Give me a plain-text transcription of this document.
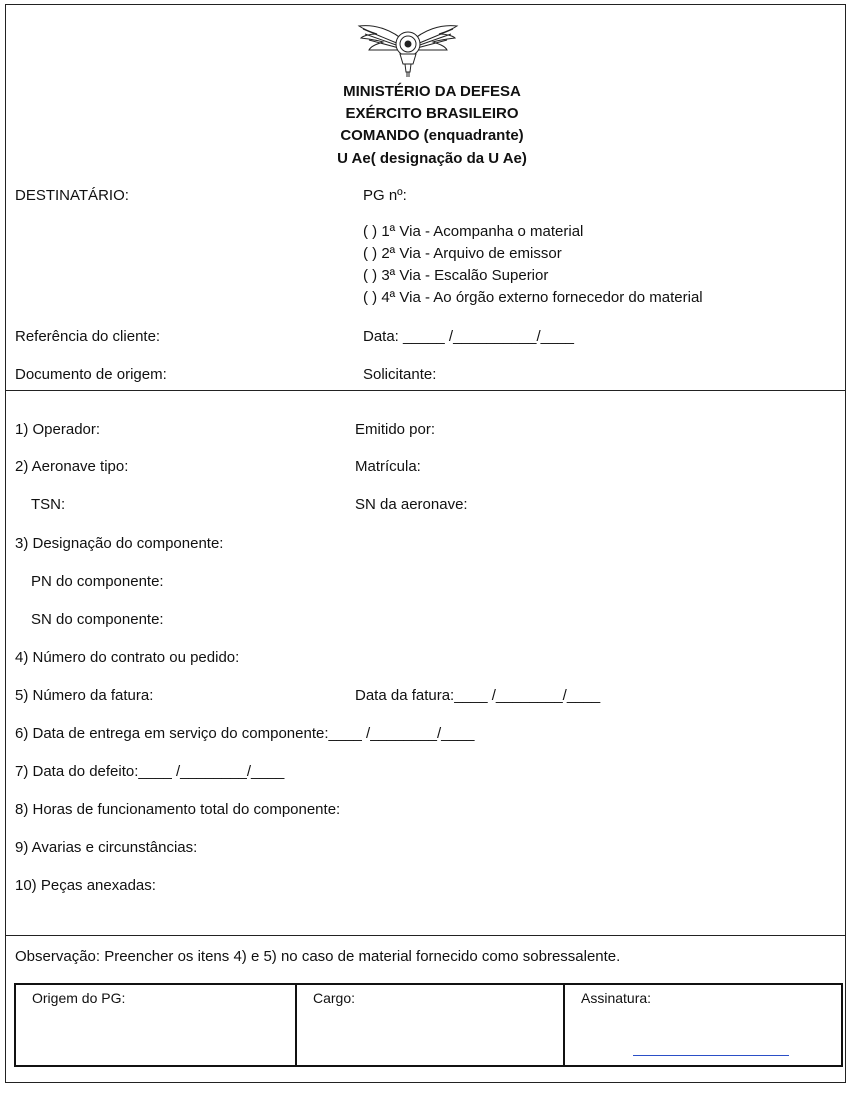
MINISTÉRIO DA DEFESA
EXÉRCITO BRASILEIRO
COMANDO (enquadrante)
U Ae( designação da U Ae)
DESTINATÁRIO:	PG nº:
( ) 1ª Via - Acompanha o material
( ) 2ª Via - Arquivo de emissor
( ) 3ª Via - Escalão Superior
( ) 4ª Via - Ao órgão externo fornecedor do material
Referência do cliente:	Data: _____ /__________/____
Documento de origem:	Solicitante:
1) Operador:	Emitido por:
2) Aeronave tipo:	Matrícula:
TSN:	SN da aeronave:
3) Designação do componente:
PN do componente:
SN do componente:
4) Número do contrato ou pedido:
5) Número da fatura:	Data da fatura:____ /________/____
6) Data de entrega em serviço do componente:____ /________/____
7) Data do defeito:____ /________/____
8) Horas de funcionamento total do componente:
9) Avarias e circunstâncias:
10) Peças anexadas:
Observação: Preencher os itens 4) e 5) no caso de material fornecido como sobressalente.
Origem do PG:	Cargo:	Assinatura:
